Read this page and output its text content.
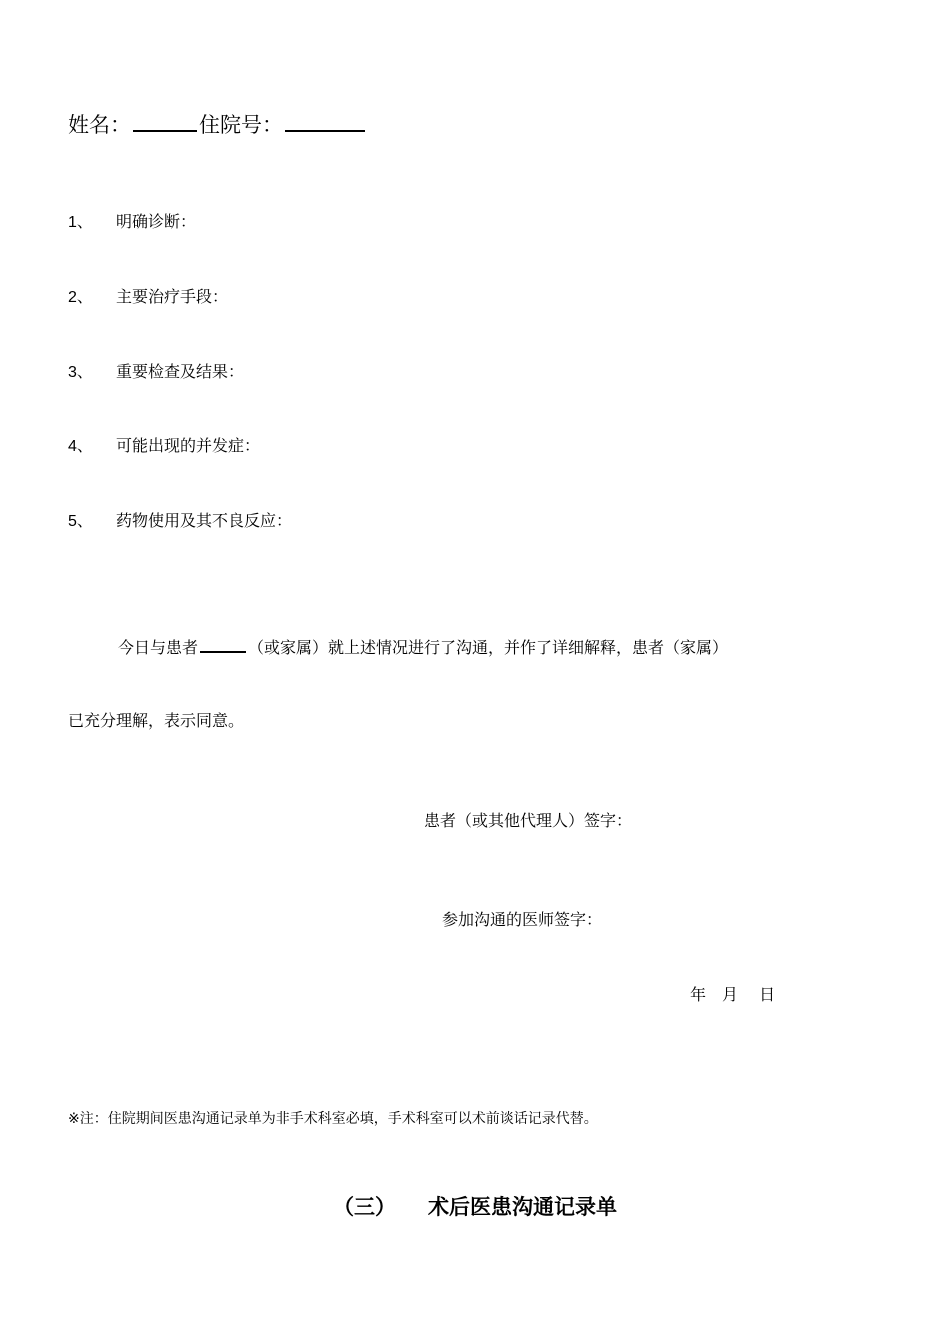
姓名：	住院号：
1、 明确诊断：
2、 主要治疗手段：
3、 重要检查及结果：
4、 可能出现的并发症：
5、 药物使用及其不良反应：
今日与患者	（或家属）就上述情况进行了沟通，并作了详细解释，患者（家属）
已充分理解，表示同意。
患者（或其他代理人）签字：
参加沟通的医师签字：
年　月　 日
※注：住院期间医患沟通记录单为非手术科室必填，手术科室可以术前谈话记录代替。
（三） 术后医患沟通记录单
